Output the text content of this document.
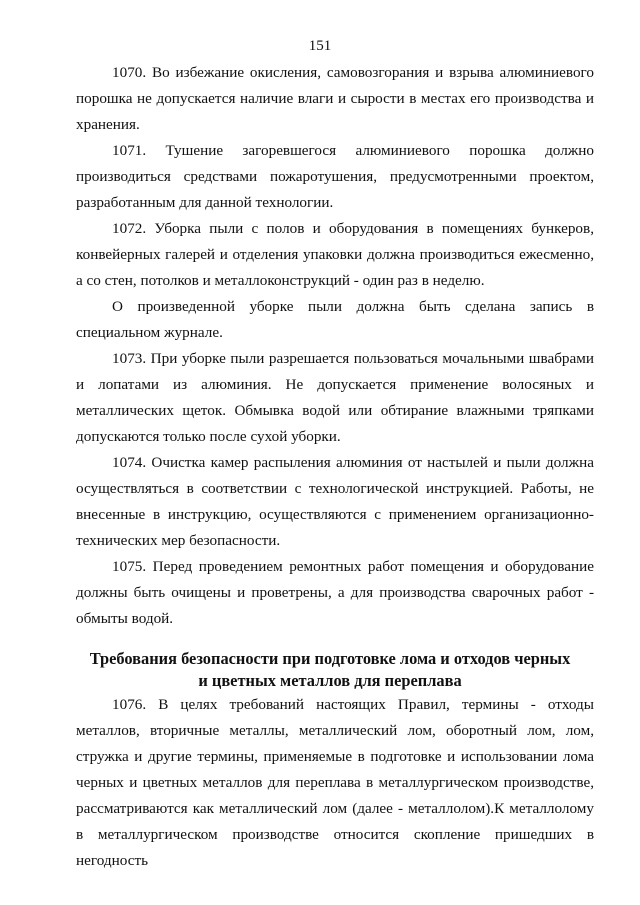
151

1070. Во избежание окисления, самовозгорания и взрыва алюминиевого порошка не допускается наличие влаги и сырости в местах его производства и хранения.

1071. Тушение загоревшегося алюминиевого порошка должно производиться средствами пожаротушения, предусмотренными проектом, разработанным для данной технологии.

1072. Уборка пыли с полов и оборудования в помещениях бункеров, конвейерных галерей и отделения упаковки должна производиться ежесменно, а со стен, потолков и металлоконструкций - один раз в неделю.

О произведенной уборке пыли должна быть сделана запись в специальном журнале.

1073. При уборке пыли разрешается пользоваться мочальными швабрами и лопатами из алюминия. Не допускается применение волосяных и металлических щеток. Обмывка водой или обтирание влажными тряпками допускаются только после сухой уборки.

1074. Очистка камер распыления алюминия от настылей и пыли должна осуществляться в соответствии с технологической инструкцией. Работы, не внесенные в инструкцию, осуществляются с применением организационно-технических мер безопасности.

1075. Перед проведением ремонтных работ помещения и оборудование должны быть очищены и проветрены, а для производства сварочных работ - обмыты водой.

Требования безопасности при подготовке лома и отходов черных
и цветных металлов для переплава

1076. В целях требований настоящих Правил, термины - отходы металлов, вторичные металлы, металлический лом, оборотный лом, лом, стружка и другие термины, применяемые в подготовке и использовании лома черных и цветных металлов для переплава в металлургическом производстве, рассматриваются как металлический лом (далее - металлолом).К металлолому в металлургическом производстве относится скопление пришедших в негодность
